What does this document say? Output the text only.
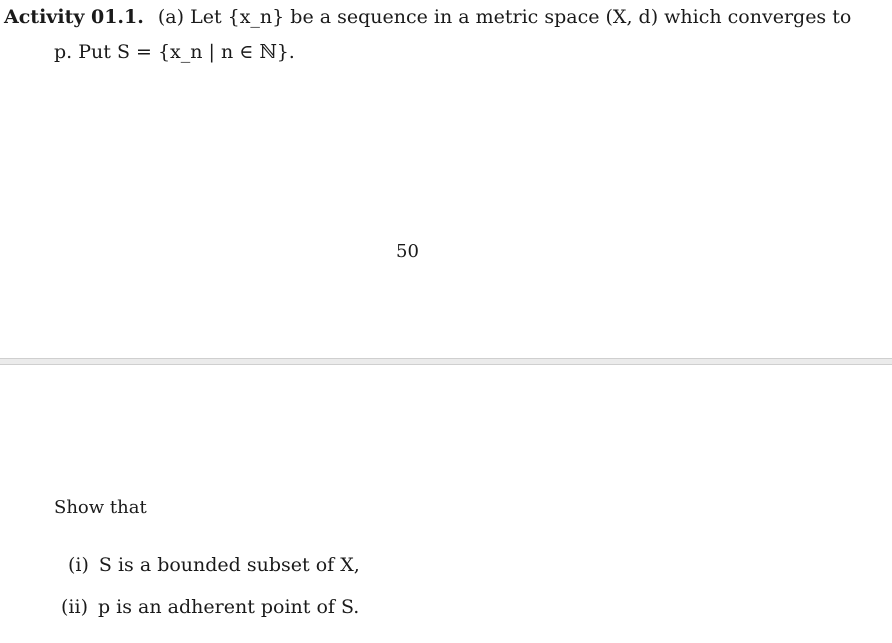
Activity 01.1. (a) Let {x_n} be a sequence in a metric space (X, d) which converges to
p. Put S = {x_n | n ∈ ℕ}.
50
Show that
(i) S is a bounded subset of X,
(ii) p is an adherent point of S.
